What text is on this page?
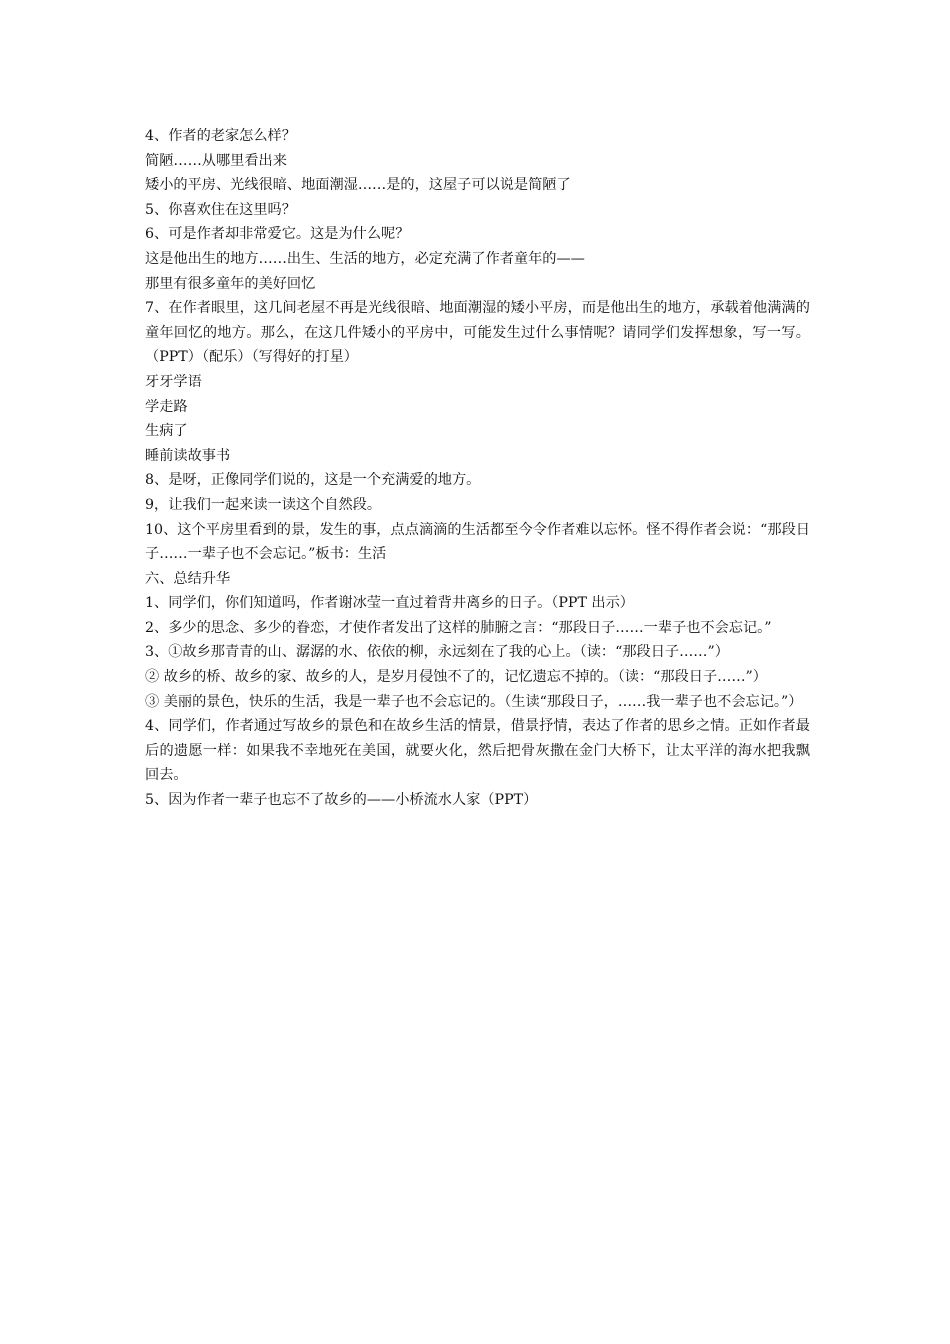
4、作者的老家怎么样？
简陋……从哪里看出来
矮小的平房、光线很暗、地面潮湿……是的，这屋子可以说是简陋了
5、你喜欢住在这里吗？
6、可是作者却非常爱它。这是为什么呢？
这是他出生的地方……出生、生活的地方，必定充满了作者童年的——
那里有很多童年的美好回忆
7、在作者眼里，这几间老屋不再是光线很暗、地面潮湿的矮小平房，而是他出生的地方，承载着他满满的童年回忆的地方。那么，在这几件矮小的平房中，可能发生过什么事情呢？请同学们发挥想象，写一写。（PPT）（配乐）（写得好的打星）
牙牙学语
学走路
生病了
睡前读故事书
8、是呀，正像同学们说的，这是一个充满爱的地方。
9，让我们一起来读一读这个自然段。
10、这个平房里看到的景，发生的事，点点滴滴的生活都至今令作者难以忘怀。怪不得作者会说：“那段日子……一辈子也不会忘记。”板书：生活
六、总结升华
1、同学们，你们知道吗，作者谢冰莹一直过着背井离乡的日子。（PPT 出示）
2、多少的思念、多少的眷恋，才使作者发出了这样的肺腑之言：“那段日子……一辈子也不会忘记。”
3、①故乡那青青的山、潺潺的水、依依的柳，永远刻在了我的心上。（读：“那段日子……”）
② 故乡的桥、故乡的家、故乡的人，是岁月侵蚀不了的，记忆遗忘不掉的。（读：“那段日子……”）
③ 美丽的景色，快乐的生活，我是一辈子也不会忘记的。（生读“那段日子，……我一辈子也不会忘记。”）
4、同学们，作者通过写故乡的景色和在故乡生活的情景，借景抒情，表达了作者的思乡之情。正如作者最后的遗愿一样：如果我不幸地死在美国，就要火化，然后把骨灰撒在金门大桥下，让太平洋的海水把我飘回去。
5、因为作者一辈子也忘不了故乡的——小桥流水人家（PPT）
